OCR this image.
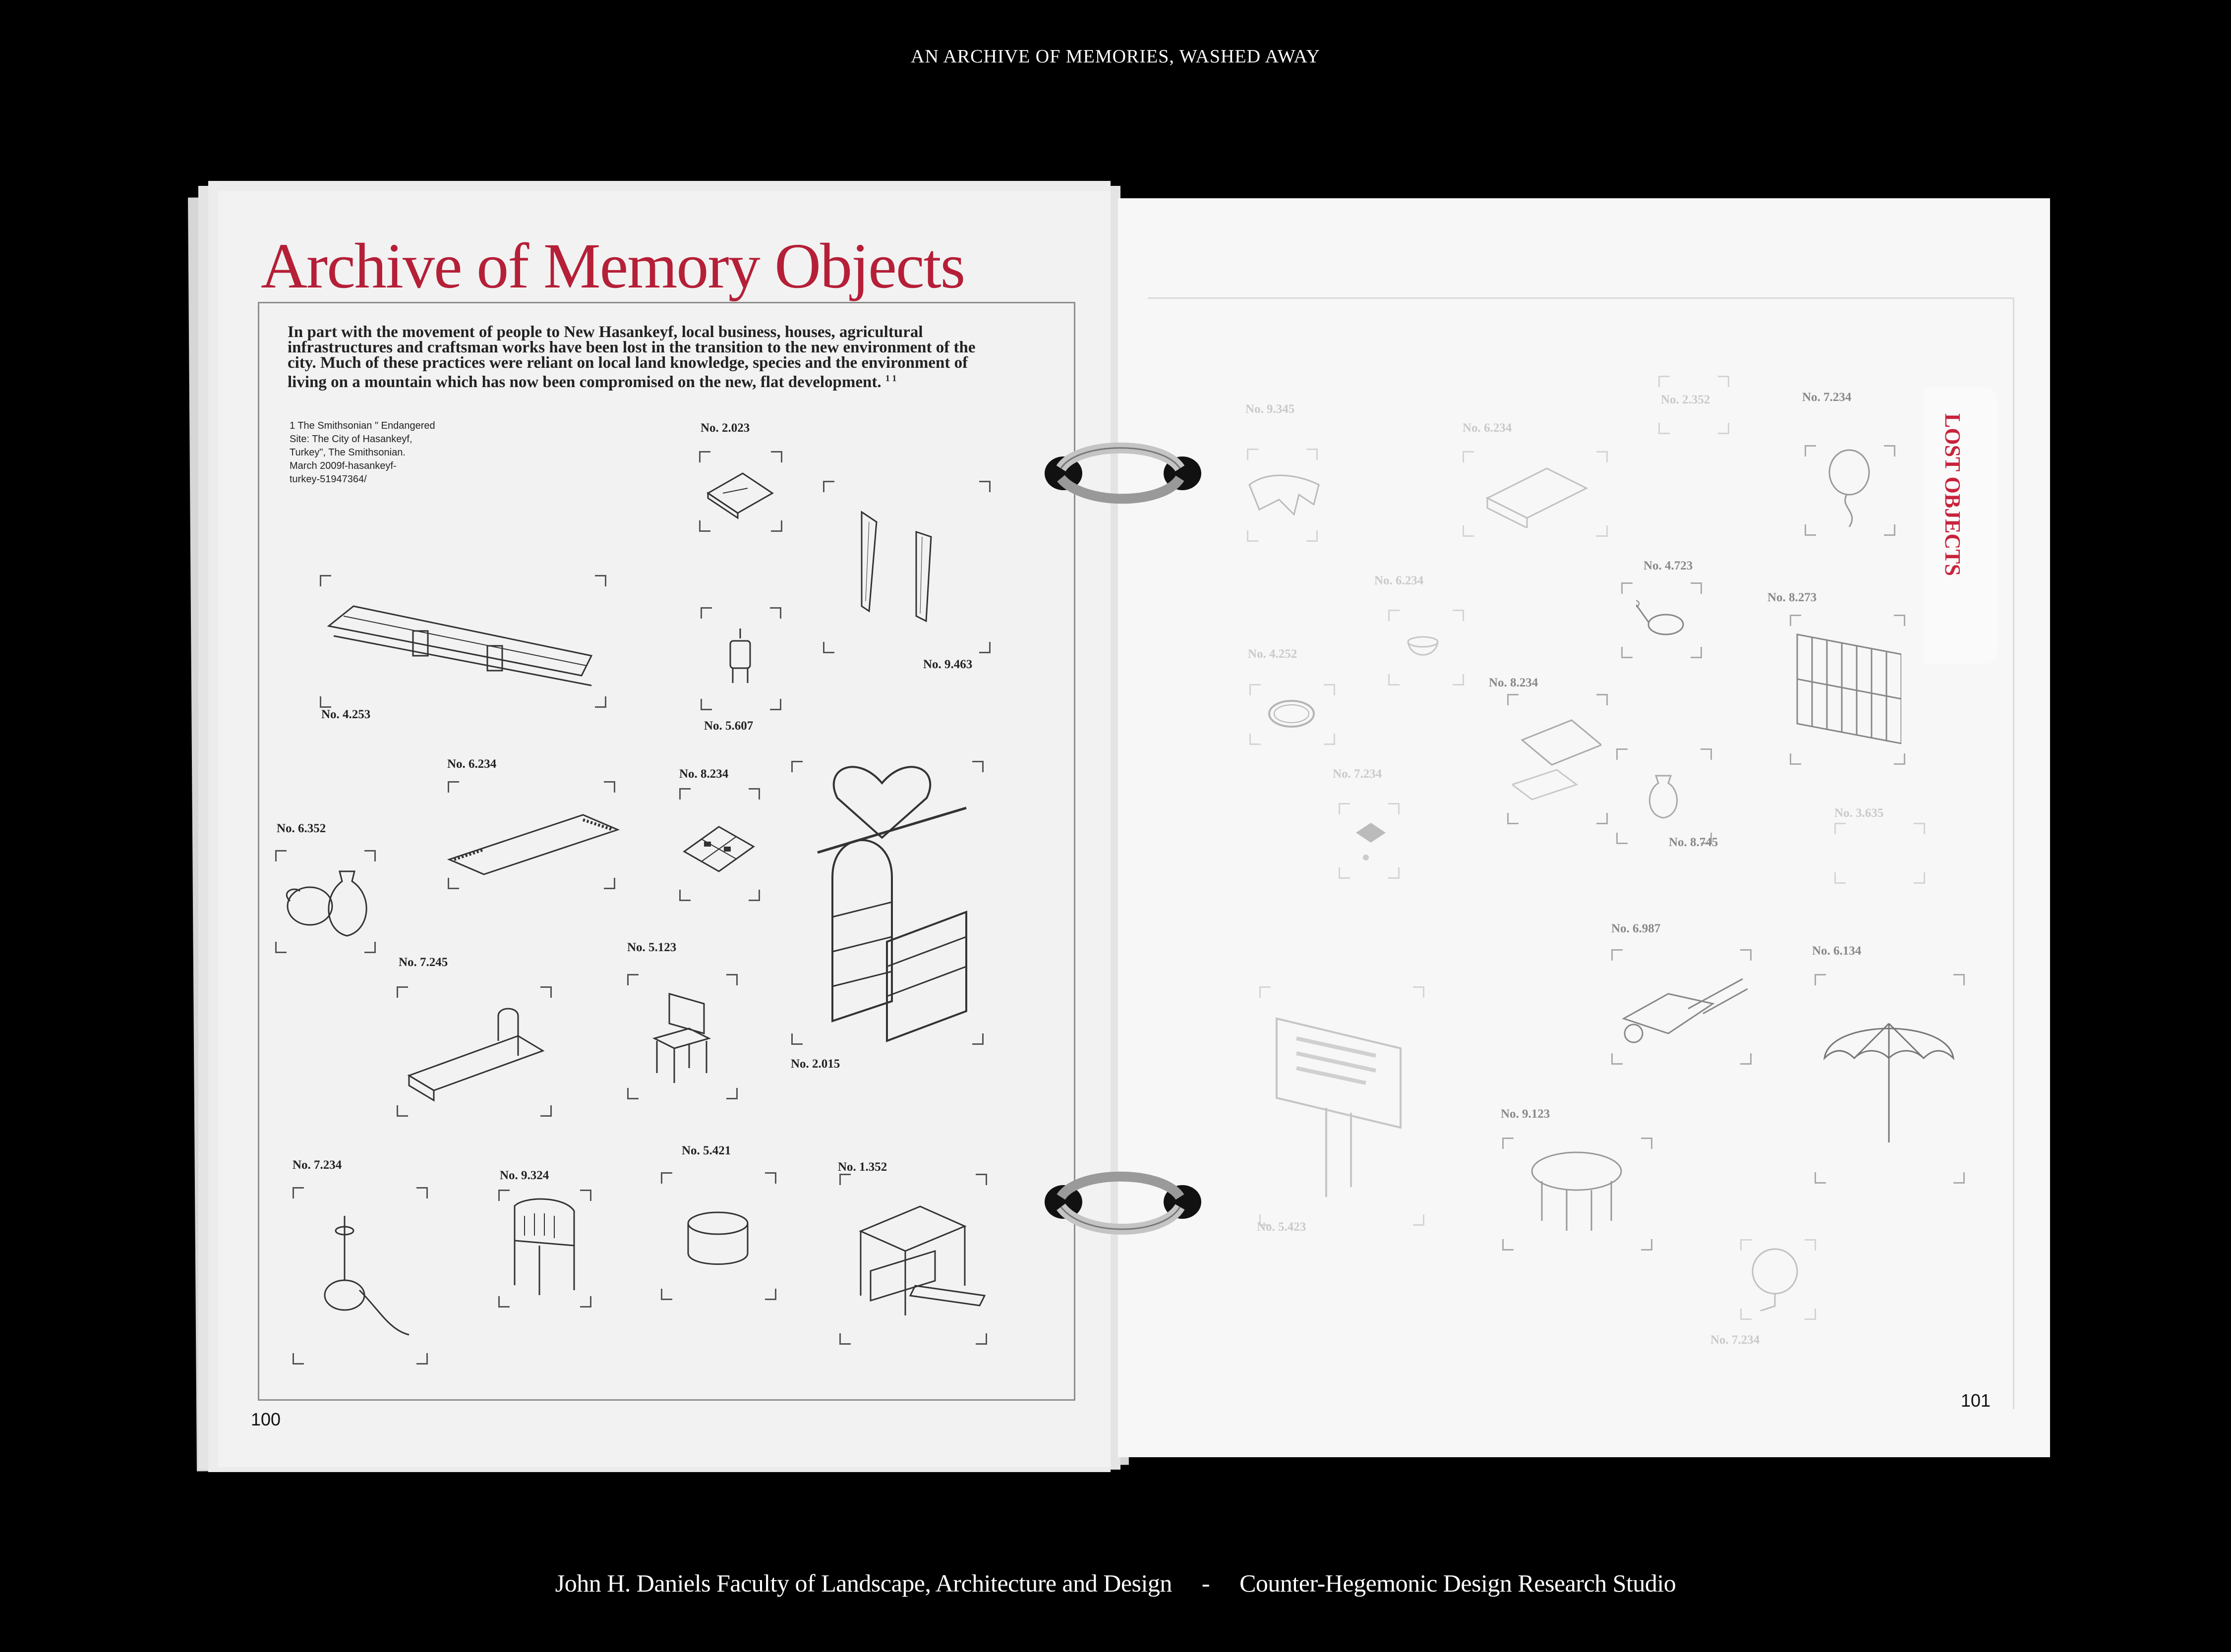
AN ARCHIVE OF MEMORIES, WASHED AWAY
John H. Daniels Faculty of Landscape, Architecture and Design - Counter-Hegemonic Design Research Studio
101
LOST OBJECTS
Archive of Memory Objects
In part with the movement of people to New Hasankeyf, local business, houses, agricultural infrastructures and craftsman works have been lost in the transition to the new environment of the city. Much of these practices were reliant on local land knowledge, species and the environment of living on a mountain which has now been compromised on the new, flat development. $^{1 1}$
1 The Smithsonian " Endangered
Site: The City of Hasankeyf,
Turkey", The Smithsonian.
March 2009f-hasankeyf-
turkey-51947364/
100
No. 2.023
No. 9.463
No. 4.253
No. 5.607
No. 6.234
No. 8.234
No. 6.352
No. 2.015
No. 7.245
No. 5.123
No. 7.234
No. 9.324
No. 5.421
No. 1.352
No. 9.345
No. 6.234
No. 2.352	No. 7.234
No. 4.723
No. 6.234
No. 8.273
No. 4.252
No. 8.234
No. 7.234
No. 8.745
No. 3.635
No. 6.987
No. 6.134
No. 9.123
No. 5.423
No. 7.234
